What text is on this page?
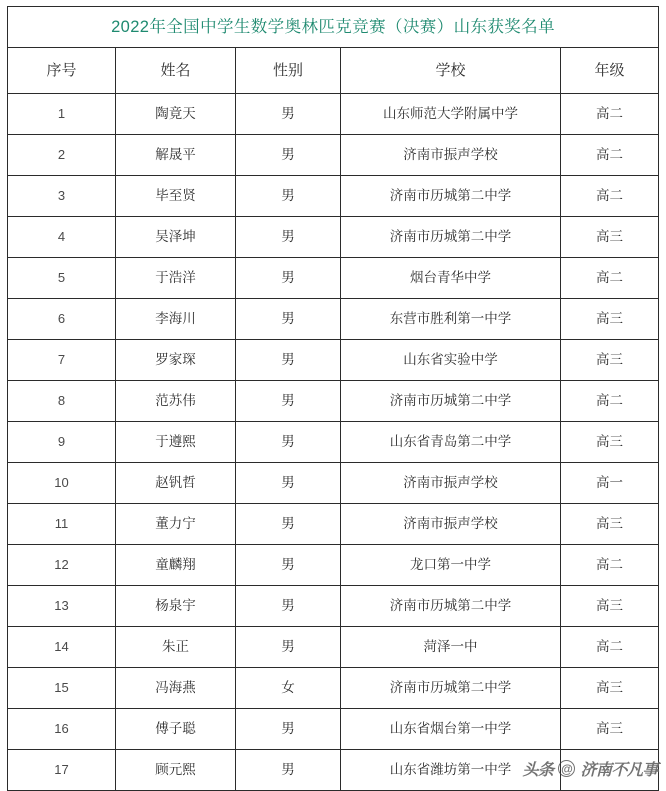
2022年全国中学生数学奥林匹克竞赛（决赛）山东获奖名单				
序号	姓名	性别	学校	年级
1	陶竟天	男	山东师范大学附属中学	高二
2	解晟平	男	济南市振声学校	高二
3	毕至贤	男	济南市历城第二中学	高二
4	吴泽坤	男	济南市历城第二中学	高三
5	于浩洋	男	烟台青华中学	高二
6	李海川	男	东营市胜利第一中学	高三
7	罗家琛	男	山东省实验中学	高三
8	范苏伟	男	济南市历城第二中学	高二
9	于遵熙	男	山东省青岛第二中学	高三
10	赵钒哲	男	济南市振声学校	高一
11	董力宁	男	济南市振声学校	高三
12	童麟翔	男	龙口第一中学	高二
13	杨泉宇	男	济南市历城第二中学	高三
14	朱正	男	菏泽一中	高二
15	冯海燕	女	济南市历城第二中学	高三
16	傅子聪	男	山东省烟台第一中学	高三
17	顾元熙	男	山东省潍坊第一中学	头条 @ 济南不凡事
